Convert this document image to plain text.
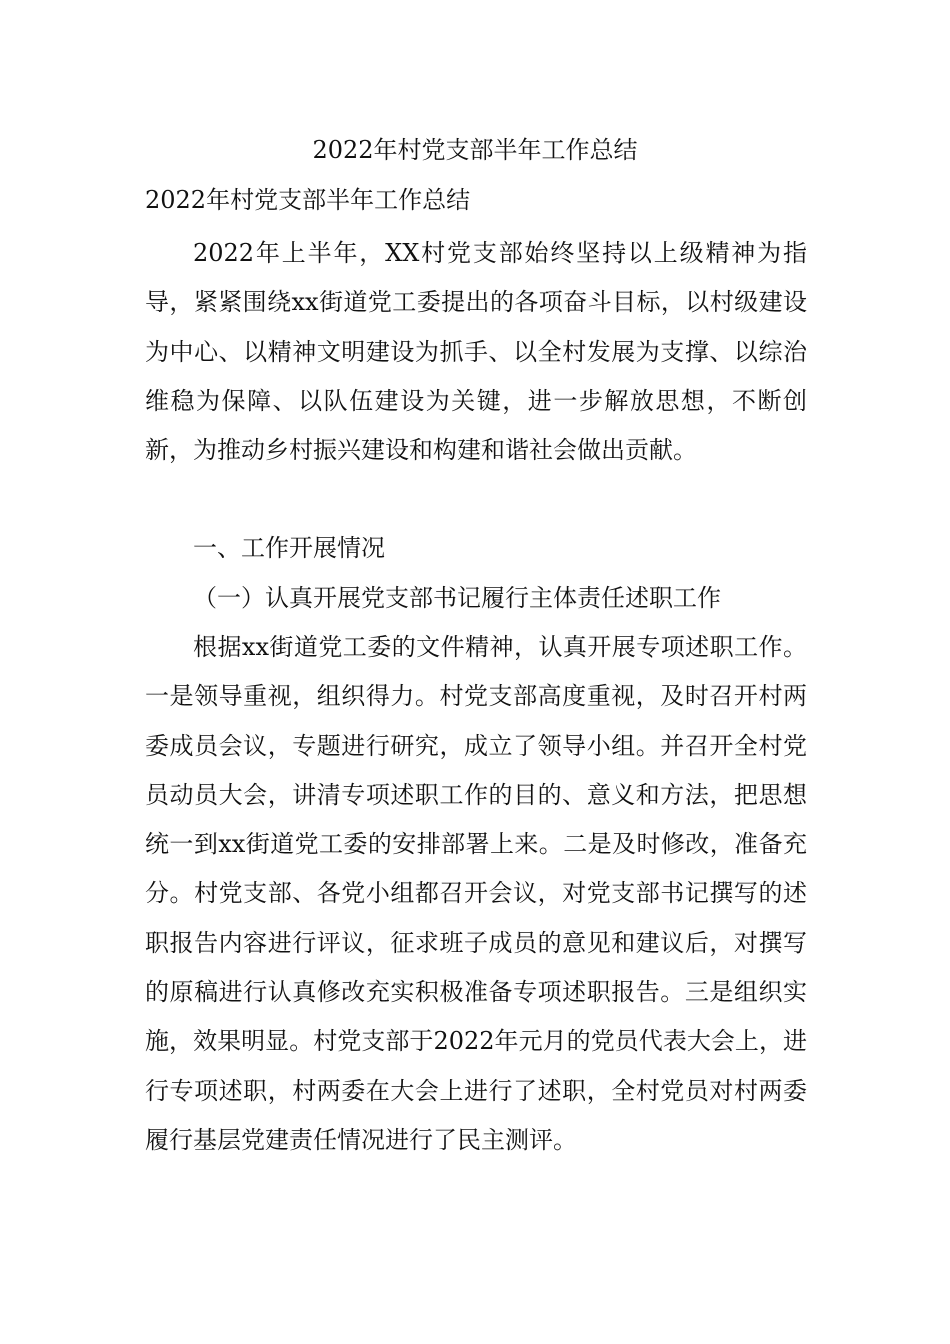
2022年村党支部半年工作总结
2022年村党支部半年工作总结

2022年上半年，XX村党支部始终坚持以上级精神为指导，紧紧围绕xx街道党工委提出的各项奋斗目标，以村级建设为中心、以精神文明建设为抓手、以全村发展为支撑、以综治维稳为保障、以队伍建设为关键，进一步解放思想，不断创新，为推动乡村振兴建设和构建和谐社会做出贡献。

一、工作开展情况

（一）认真开展党支部书记履行主体责任述职工作

根据xx街道党工委的文件精神，认真开展专项述职工作。一是领导重视，组织得力。村党支部高度重视，及时召开村两委成员会议，专题进行研究，成立了领导小组。并召开全村党员动员大会，讲清专项述职工作的目的、意义和方法，把思想统一到xx街道党工委的安排部署上来。二是及时修改，准备充分。村党支部、各党小组都召开会议，对党支部书记撰写的述职报告内容进行评议，征求班子成员的意见和建议后，对撰写的原稿进行认真修改充实积极准备专项述职报告。三是组织实施，效果明显。村党支部于2022年元月的党员代表大会上，进行专项述职，村两委在大会上进行了述职，全村党员对村两委履行基层党建责任情况进行了民主测评。
